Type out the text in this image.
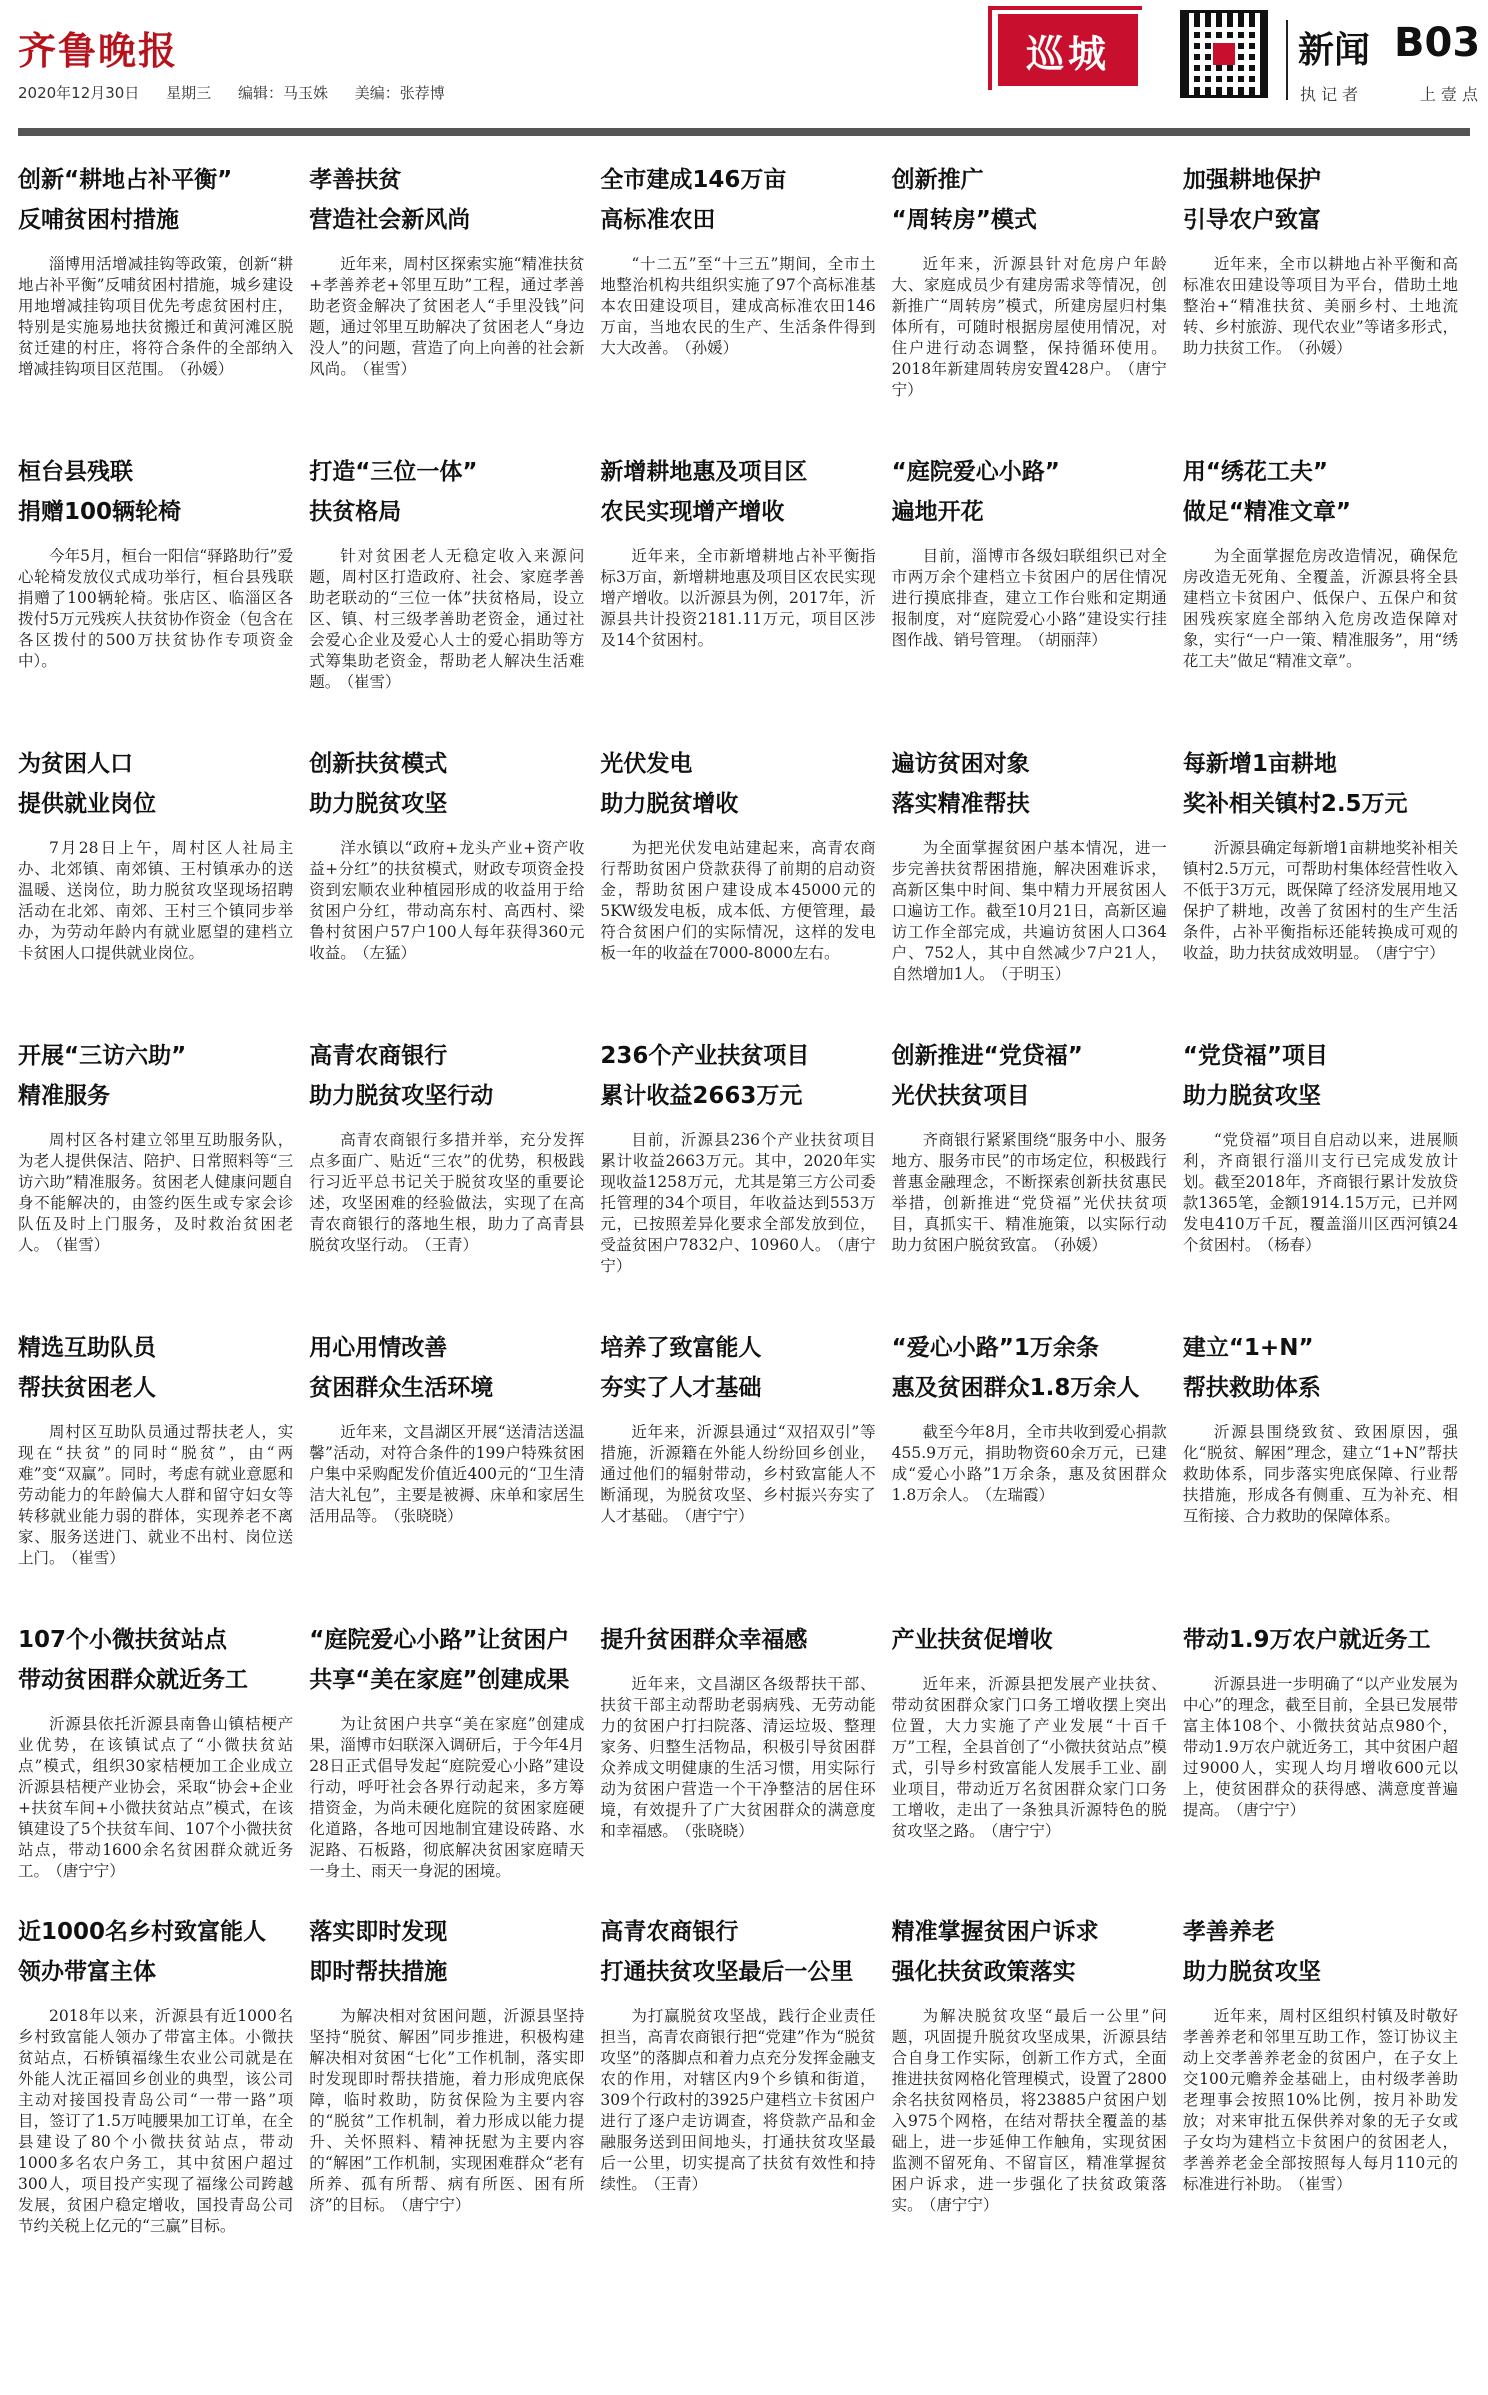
齐鲁晚报
2020年12月30日 星期三 编辑：马玉姝 美编：张荐博
巡城	新闻 B03
执 记 者	上 壹 点
创新“耕地占补平衡”
反哺贫困村措施

淄博用活增减挂钩等政策，创新“耕地占补平衡”反哺贫困村措施，城乡建设用地增减挂钩项目优先考虑贫困村庄，特别是实施易地扶贫搬迁和黄河滩区脱贫迁建的村庄，将符合条件的全部纳入增减挂钩项目区范围。 （孙媛）

孝善扶贫
营造社会新风尚

近年来，周村区探索实施“精准扶贫+孝善养老+邻里互助”工程，通过孝善助老资金解决了贫困老人“手里没钱”问题，通过邻里互助解决了贫困老人“身边没人”的问题，营造了向上向善的社会新风尚。 （崔雪）

全市建成146万亩
高标准农田

“十二五”至“十三五”期间，全市土地整治机构共组织实施了97个高标准基本农田建设项目，建成高标准农田146万亩，当地农民的生产、生活条件得到大大改善。 （孙媛）

创新推广
“周转房”模式

近年来，沂源县针对危房户年龄大、家庭成员少有建房需求等情况，创新推广“周转房”模式，所建房屋归村集体所有，可随时根据房屋使用情况，对住户进行动态调整，保持循环使用。2018年新建周转房安置428户。 （唐宁宁）

加强耕地保护
引导农户致富

近年来，全市以耕地占补平衡和高标准农田建设等项目为平台，借助土地整治+“精准扶贫、美丽乡村、土地流转、乡村旅游、现代农业”等诸多形式，助力扶贫工作。 （孙媛）

桓台县残联
捐赠100辆轮椅

今年5月，桓台一阳信“驿路助行”爱心轮椅发放仪式成功举行，桓台县残联捐赠了100辆轮椅。张店区、临淄区各拨付5万元残疾人扶贫协作资金（包含在各区拨付的500万扶贫协作专项资金中）。

打造“三位一体”
扶贫格局

针对贫困老人无稳定收入来源问题，周村区打造政府、社会、家庭孝善助老联动的“三位一体”扶贫格局，设立区、镇、村三级孝善助老资金，通过社会爱心企业及爱心人士的爱心捐助等方式筹集助老资金，帮助老人解决生活难题。 （崔雪）

新增耕地惠及项目区
农民实现增产增收

近年来，全市新增耕地占补平衡指标3万亩，新增耕地惠及项目区农民实现增产增收。以沂源县为例，2017年，沂源县共计投资2181.11万元，项目区涉及14个贫困村。

“庭院爱心小路”
遍地开花

目前，淄博市各级妇联组织已对全市两万余个建档立卡贫困户的居住情况进行摸底排查，建立工作台账和定期通报制度，对“庭院爱心小路”建设实行挂图作战、销号管理。 （胡丽萍）

用“绣花工夫”
做足“精准文章”

为全面掌握危房改造情况，确保危房改造无死角、全覆盖，沂源县将全县建档立卡贫困户、低保户、五保户和贫困残疾家庭全部纳入危房改造保障对象，实行“一户一策、精准服务”，用“绣花工夫”做足“精准文章”。

为贫困人口
提供就业岗位

7月28日上午，周村区人社局主办、北郊镇、南郊镇、王村镇承办的送温暖、送岗位，助力脱贫攻坚现场招聘活动在北郊、南郊、王村三个镇同步举办，为劳动年龄内有就业愿望的建档立卡贫困人口提供就业岗位。

创新扶贫模式
助力脱贫攻坚

洋水镇以“政府+龙头产业+资产收益+分红”的扶贫模式，财政专项资金投资到宏顺农业种植园形成的收益用于给贫困户分红，带动高东村、高西村、梁鲁村贫困户57户100人每年获得360元收益。 （左猛）

光伏发电
助力脱贫增收

为把光伏发电站建起来，高青农商行帮助贫困户贷款获得了前期的启动资金，帮助贫困户建设成本45000元的5KW级发电板，成本低、方便管理，最符合贫困户们的实际情况，这样的发电板一年的收益在7000-8000左右。

遍访贫困对象
落实精准帮扶

为全面掌握贫困户基本情况，进一步完善扶贫帮困措施，解决困难诉求，高新区集中时间、集中精力开展贫困人口遍访工作。截至10月21日，高新区遍访工作全部完成，共遍访贫困人口364户、752人，其中自然减少7户21人，自然增加1人。 （于明玉）

每新增1亩耕地
奖补相关镇村2.5万元

沂源县确定每新增1亩耕地奖补相关镇村2.5万元，可帮助村集体经营性收入不低于3万元，既保障了经济发展用地又保护了耕地，改善了贫困村的生产生活条件，占补平衡指标还能转换成可观的收益，助力扶贫成效明显。 （唐宁宁）

开展“三访六助”
精准服务

周村区各村建立邻里互助服务队，为老人提供保洁、陪护、日常照料等“三访六助”精准服务。贫困老人健康问题自身不能解决的，由签约医生或专家会诊队伍及时上门服务，及时救治贫困老人。 （崔雪）

高青农商银行
助力脱贫攻坚行动

高青农商银行多措并举，充分发挥点多面广、贴近“三农”的优势，积极践行习近平总书记关于脱贫攻坚的重要论述，攻坚困难的经验做法，实现了在高青农商银行的落地生根，助力了高青县脱贫攻坚行动。 （王青）

236个产业扶贫项目
累计收益2663万元

目前，沂源县236个产业扶贫项目累计收益2663万元。其中，2020年实现收益1258万元，尤其是第三方公司委托管理的34个项目，年收益达到553万元，已按照差异化要求全部发放到位，受益贫困户7832户、10960人。 （唐宁宁）

创新推进“党贷福”
光伏扶贫项目

齐商银行紧紧围绕“服务中小、服务地方、服务市民”的市场定位，积极践行普惠金融理念，不断探索创新扶贫惠民举措，创新推进“党贷福”光伏扶贫项目，真抓实干、精准施策，以实际行动助力贫困户脱贫致富。 （孙媛）

“党贷福”项目
助力脱贫攻坚

“党贷福”项目自启动以来，进展顺利，齐商银行淄川支行已完成发放计划。截至2018年，齐商银行累计发放贷款1365笔，金额1914.15万元，已并网发电410万千瓦，覆盖淄川区西河镇24个贫困村。 （杨春）

精选互助队员
帮扶贫困老人

周村区互助队员通过帮扶老人，实现在“扶贫”的同时“脱贫”，由“两难”变“双赢”。同时，考虑有就业意愿和劳动能力的年龄偏大人群和留守妇女等转移就业能力弱的群体，实现养老不离家、服务送进门、就业不出村、岗位送上门。 （崔雪）

用心用情改善
贫困群众生活环境

近年来，文昌湖区开展“送清洁送温馨”活动，对符合条件的199户特殊贫困户集中采购配发价值近400元的“卫生清洁大礼包”，主要是被褥、床单和家居生活用品等。 （张晓晓）

培养了致富能人
夯实了人才基础

近年来，沂源县通过“双招双引”等措施，沂源籍在外能人纷纷回乡创业，通过他们的辐射带动，乡村致富能人不断涌现，为脱贫攻坚、乡村振兴夯实了人才基础。 （唐宁宁）

“爱心小路”1万余条
惠及贫困群众1.8万余人

截至今年8月，全市共收到爱心捐款455.9万元，捐助物资60余万元，已建成“爱心小路”1万余条，惠及贫困群众1.8万余人。 （左瑞霞）

建立“1+N”
帮扶救助体系

沂源县围绕致贫、致困原因，强化“脱贫、解困”理念，建立“1+N”帮扶救助体系，同步落实兜底保障、行业帮扶措施，形成各有侧重、互为补充、相互衔接、合力救助的保障体系。

107个小微扶贫站点
带动贫困群众就近务工

沂源县依托沂源县南鲁山镇桔梗产业优势，在该镇试点了“小微扶贫站点”模式，组织30家桔梗加工企业成立沂源县桔梗产业协会，采取“协会+企业+扶贫车间+小微扶贫站点”模式，在该镇建设了5个扶贫车间、107个小微扶贫站点，带动1600余名贫困群众就近务工。 （唐宁宁）

“庭院爱心小路”让贫困户
共享“美在家庭”创建成果

为让贫困户共享“美在家庭”创建成果，淄博市妇联深入调研后，于今年4月28日正式倡导发起“庭院爱心小路”建设行动，呼吁社会各界行动起来，多方筹措资金，为尚未硬化庭院的贫困家庭硬化道路，各地可因地制宜建设砖路、水泥路、石板路，彻底解决贫困家庭晴天一身土、雨天一身泥的困境。

提升贫困群众幸福感

近年来，文昌湖区各级帮扶干部、扶贫干部主动帮助老弱病残、无劳动能力的贫困户打扫院落、清运垃圾、整理家务、归整生活物品，积极引导贫困群众养成文明健康的生活习惯，用实际行动为贫困户营造一个干净整洁的居住环境，有效提升了广大贫困群众的满意度和幸福感。 （张晓晓）

产业扶贫促增收

近年来，沂源县把发展产业扶贫、带动贫困群众家门口务工增收摆上突出位置，大力实施了产业发展“十百千万”工程，全县首创了“小微扶贫站点”模式，引导乡村致富能人发展手工业、副业项目，带动近万名贫困群众家门口务工增收，走出了一条独具沂源特色的脱贫攻坚之路。 （唐宁宁）

带动1.9万农户就近务工

沂源县进一步明确了“以产业发展为中心”的理念，截至目前，全县已发展带富主体108个、小微扶贫站点980个，带动1.9万农户就近务工，其中贫困户超过9000人，实现人均月增收600元以上，使贫困群众的获得感、满意度普遍提高。 （唐宁宁）

近1000名乡村致富能人
领办带富主体

2018年以来，沂源县有近1000名乡村致富能人领办了带富主体。小微扶贫站点，石桥镇福缘生农业公司就是在外能人沈正福回乡创业的典型，该公司主动对接国投青岛公司“一带一路”项目，签订了1.5万吨腰果加工订单，在全县建设了80个小微扶贫站点，带动1000多名农户务工，其中贫困户超过300人，项目投产实现了福缘公司跨越发展，贫困户稳定增收，国投青岛公司节约关税上亿元的“三赢”目标。

落实即时发现
即时帮扶措施

为解决相对贫困问题，沂源县坚持坚持“脱贫、解困”同步推进，积极构建解决相对贫困“七化”工作机制，落实即时发现即时帮扶措施，着力形成兜底保障，临时救助，防贫保险为主要内容的“脱贫”工作机制，着力形成以能力提升、关怀照料、精神抚慰为主要内容的“解困”工作机制，实现困难群众“老有所养、孤有所帮、病有所医、困有所济”的目标。 （唐宁宁）

高青农商银行
打通扶贫攻坚最后一公里

为打赢脱贫攻坚战，践行企业责任担当，高青农商银行把“党建”作为“脱贫攻坚”的落脚点和着力点充分发挥金融支农的作用，对辖区内9个乡镇和街道，309个行政村的3925户建档立卡贫困户进行了逐户走访调查，将贷款产品和金融服务送到田间地头，打通扶贫攻坚最后一公里，切实提高了扶贫有效性和持续性。 （王青）

精准掌握贫困户诉求
强化扶贫政策落实

为解决脱贫攻坚“最后一公里”问题，巩固提升脱贫攻坚成果，沂源县结合自身工作实际，创新工作方式，全面推进扶贫网格化管理模式，设置了2800余名扶贫网格员，将23885户贫困户划入975个网格，在结对帮扶全覆盖的基础上，进一步延伸工作触角，实现贫困监测不留死角、不留盲区，精准掌握贫困户诉求，进一步强化了扶贫政策落实。 （唐宁宁）

孝善养老
助力脱贫攻坚

近年来，周村区组织村镇及时敬好孝善养老和邻里互助工作，签订协议主动上交孝善养老金的贫困户，在子女上交100元赡养金基础上，由村级孝善助老理事会按照10%比例，按月补助发放；对来审批五保供养对象的无子女或子女均为建档立卡贫困户的贫困老人，孝善养老金全部按照每人每月110元的标准进行补助。 （崔雪）
